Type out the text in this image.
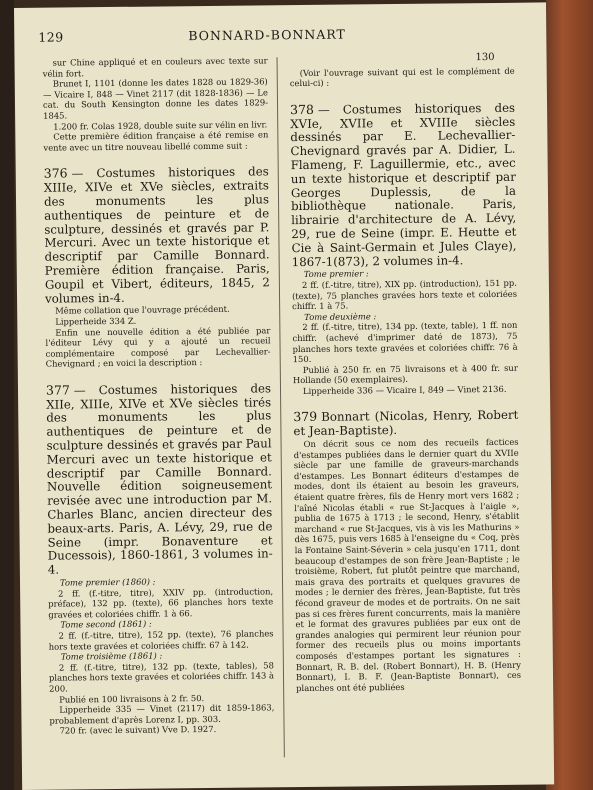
129	BONNARD-BONNART

sur Chine appliqué et en couleurs avec texte sur vélin fort.

Brunet I, 1101 (donne les dates 1828 ou 1829-36) — Vicaire I, 848 — Vinet 2117 (dit 1828-1836) — Le cat. du South Kensington donne les dates 1829-1845.

1.200 fr. Colas 1928, double suite sur vélin en livr.

Cette première édition française a été remise en vente avec un titre nouveau libellé comme suit :

376 — Costumes historiques des XIIIe, XIVe et XVe siècles, extraits des monuments les plus authentiques de peinture et de sculpture, dessinés et gravés par P. Mercuri. Avec un texte historique et descriptif par Camille Bonnard. Première édition française. Paris, Goupil et Vibert, éditeurs, 1845, 2 volumes in-4.

Même collation que l'ouvrage précédent.

Lipperheide 334 Z.

Enfin une nouvelle édition a été publiée par l'éditeur Lévy qui y a ajouté un recueil complémentaire composé par Lechevallier-Chevignard ; en voici la description :

377 — Costumes historiques des XIIe, XIIIe, XIVe et XVe siècles tirés des monuments les plus authentiques de peinture et de sculpture dessinés et gravés par Paul Mercuri avec un texte historique et descriptif par Camille Bonnard. Nouvelle édition soigneusement revisée avec une introduction par M. Charles Blanc, ancien directeur des beaux-arts. Paris, A. Lévy, 29, rue de Seine (impr. Bonaventure et Ducessois), 1860-1861, 3 volumes in-4.

Tome premier (1860) :

2 ff. (f.-titre, titre), XXIV pp. (introduction, préface), 132 pp. (texte), 66 planches hors texte gravées et coloriées chiffr. 1 à 66.

Tome second (1861) :

2 ff. (f.-titre, titre), 152 pp. (texte), 76 planches hors texte gravées et coloriées chiffr. 67 à 142.

Tome troisième (1861) :

2 ff. (f.-titre, titre), 132 pp. (texte, tables), 58 planches hors texte gravées et coloriées chiffr. 143 à 200.

Publié en 100 livraisons à 2 fr. 50.

Lipperheide 335 — Vinet (2117) dit 1859-1863, probablement d'après Lorenz I, pp. 303.

720 fr. (avec le suivant) Vve D. 1927.

130

(Voir l'ouvrage suivant qui est le complément de celui-ci) :

378 — Costumes historiques des XVIe, XVIIe et XVIIIe siècles dessinés par E. Lechevallier-Chevignard gravés par A. Didier, L. Flameng, F. Laguillermie, etc., avec un texte historique et descriptif par Georges Duplessis, de la bibliothèque nationale. Paris, librairie d'architecture de A. Lévy, 29, rue de Seine (impr. E. Heutte et Cie à Saint-Germain et Jules Claye), 1867-1(873), 2 volumes in-4.

Tome premier :

2 ff. (f.-titre, titre), XIX pp. (introduction), 151 pp. (texte), 75 planches gravées hors texte et coloriées chiffr. 1 à 75.

Tome deuxième :

2 ff. (f.-titre, titre), 134 pp. (texte, table), 1 ff. non chiffr. (achevé d'imprimer daté de 1873), 75 planches hors texte gravées et coloriées chiffr. 76 à 150.

Publié à 250 fr. en 75 livraisons et à 400 fr. sur Hollande (50 exemplaires).

Lipperheide 336 — Vicaire I, 849 — Vinet 2136.

379 Bonnart (Nicolas, Henry, Robert et Jean-Baptiste).

On décrit sous ce nom des recueils factices d'estampes publiées dans le dernier quart du XVIIe siècle par une famille de graveurs-marchands d'estampes. Les Bonnart éditeurs d'estampes de modes, dont ils étaient au besoin les graveurs, étaient quatre frères, fils de Henry mort vers 1682 ; l'aîné Nicolas établi « rue St-Jacques à l'aigle », publia de 1675 à 1713 ; le second, Henry, s'établit marchand « rue St-Jacques, vis à vis les Mathurins » dès 1675, puis vers 1685 à l'enseigne du « Coq, près la Fontaine Saint-Séverin » cela jusqu'en 1711, dont beaucoup d'estampes de son frère Jean-Baptiste ; le troisième, Robert, fut plutôt peintre que marchand, mais grava des portraits et quelques gravures de modes ; le dernier des frères, Jean-Baptiste, fut très fécond graveur de modes et de portraits. On ne sait pas si ces frères furent concurrents, mais la manière et le format des gravures publiées par eux ont de grandes analogies qui permirent leur réunion pour former des recueils plus ou moins importants composés d'estampes portant les signatures : Bonnart, R. B. del. (Robert Bonnart), H. B. (Henry Bonnart), I. B. F. (Jean-Baptiste Bonnart), ces planches ont été publiées
